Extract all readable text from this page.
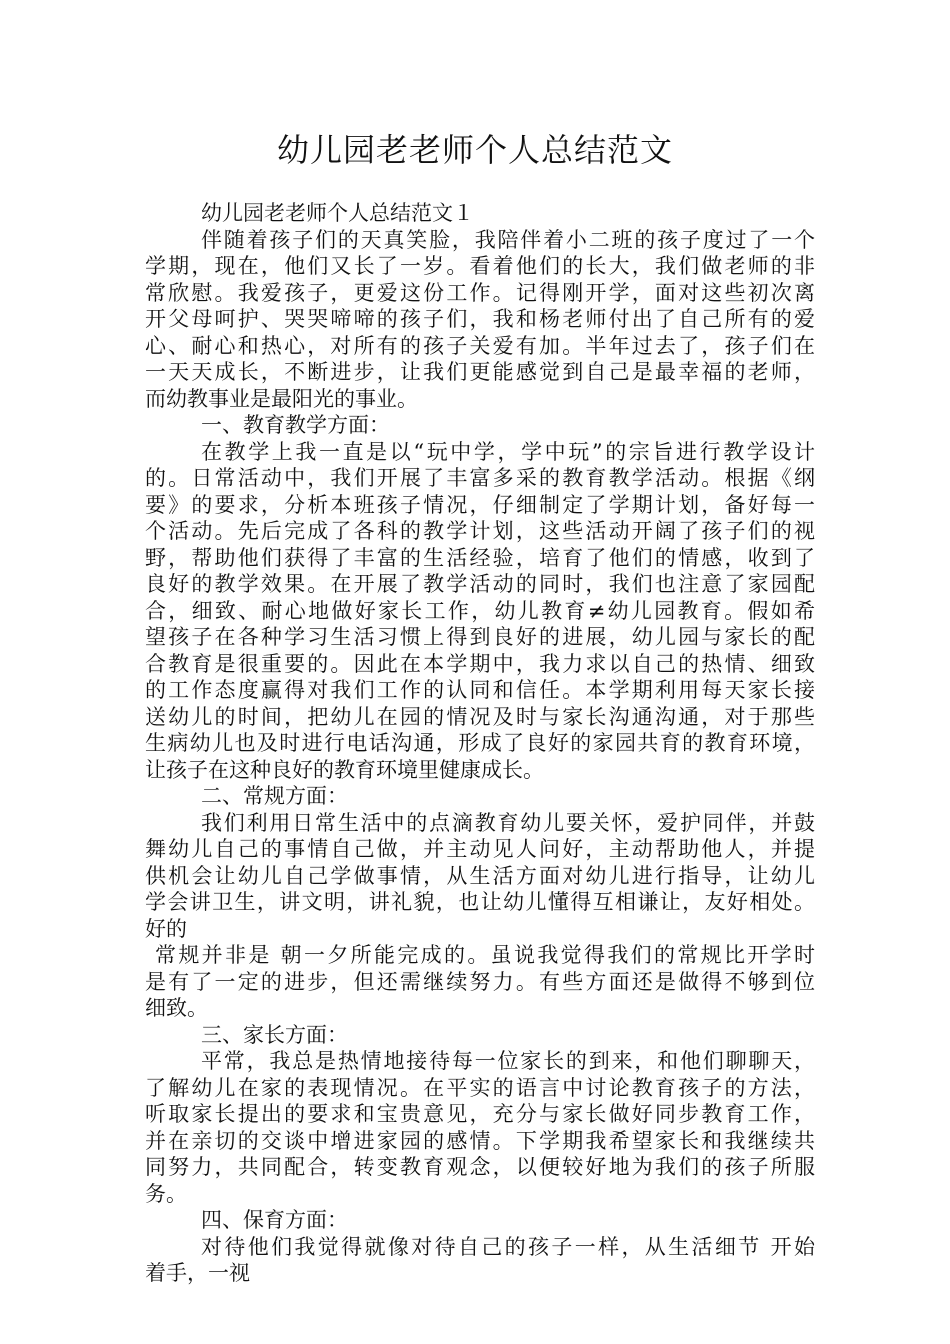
幼儿园老老师个人总结范文
幼儿园老老师个人总结范文１
伴随着孩子们的天真笑脸，我陪伴着小二班的孩子度过了一个
学期，现在，他们又长了一岁。看着他们的长大，我们做老师的非
常欣慰。我爱孩子，更爱这份工作。记得刚开学，面对这些初次离
开父母呵护、哭哭啼啼的孩子们，我和杨老师付出了自己所有的爱
心、耐心和热心，对所有的孩子关爱有加。半年过去了，孩子们在
一天天成长，不断进步，让我们更能感觉到自己是最幸福的老师，
而幼教事业是最阳光的事业。
一、教育教学方面：
在教学上我一直是以“玩中学，学中玩”的宗旨进行教学设计
的。日常活动中，我们开展了丰富多采的教育教学活动。根据《纲
要》的要求，分析本班孩子情况，仔细制定了学期计划，备好每一
个活动。先后完成了各科的教学计划，这些活动开阔了孩子们的视
野，帮助他们获得了丰富的生活经验，培育了他们的情感，收到了
良好的教学效果。在开展了教学活动的同时，我们也注意了家园配
合，细致、耐心地做好家长工作，幼儿教育≠幼儿园教育。假如希
望孩子在各种学习生活习惯上得到良好的进展，幼儿园与家长的配
合教育是很重要的。因此在本学期中，我力求以自己的热情、细致
的工作态度赢得对我们工作的认同和信任。本学期利用每天家长接
送幼儿的时间，把幼儿在园的情况及时与家长沟通沟通，对于那些
生病幼儿也及时进行电话沟通，形成了良好的家园共育的教育环境，
让孩子在这种良好的教育环境里健康成长。
二、常规方面：
我们利用日常生活中的点滴教育幼儿要关怀，爱护同伴，并鼓
舞幼儿自己的事情自己做，并主动见人问好，主动帮助他人，并提
供机会让幼儿自己学做事情，从生活方面对幼儿进行指导，让幼儿
学会讲卫生，讲文明，讲礼貌，也让幼儿懂得互相谦让，友好相处。
好的
常规并非是 朝一夕所能完成的。虽说我觉得我们的常规比开学时
是有了一定的进步，但还需继续努力。有些方面还是做得不够到位
细致。
三、家长方面：
平常，我总是热情地接待每一位家长的到来，和他们聊聊天，
了解幼儿在家的表现情况。在平实的语言中讨论教育孩子的方法，
听取家长提出的要求和宝贵意见，充分与家长做好同步教育工作，
并在亲切的交谈中增进家园的感情。下学期我希望家长和我继续共
同努力，共同配合，转变教育观念，以便较好地为我们的孩子所服
务。
四、保育方面：
对待他们我觉得就像对待自己的孩子一样，从生活细节 开始
着手，一视
